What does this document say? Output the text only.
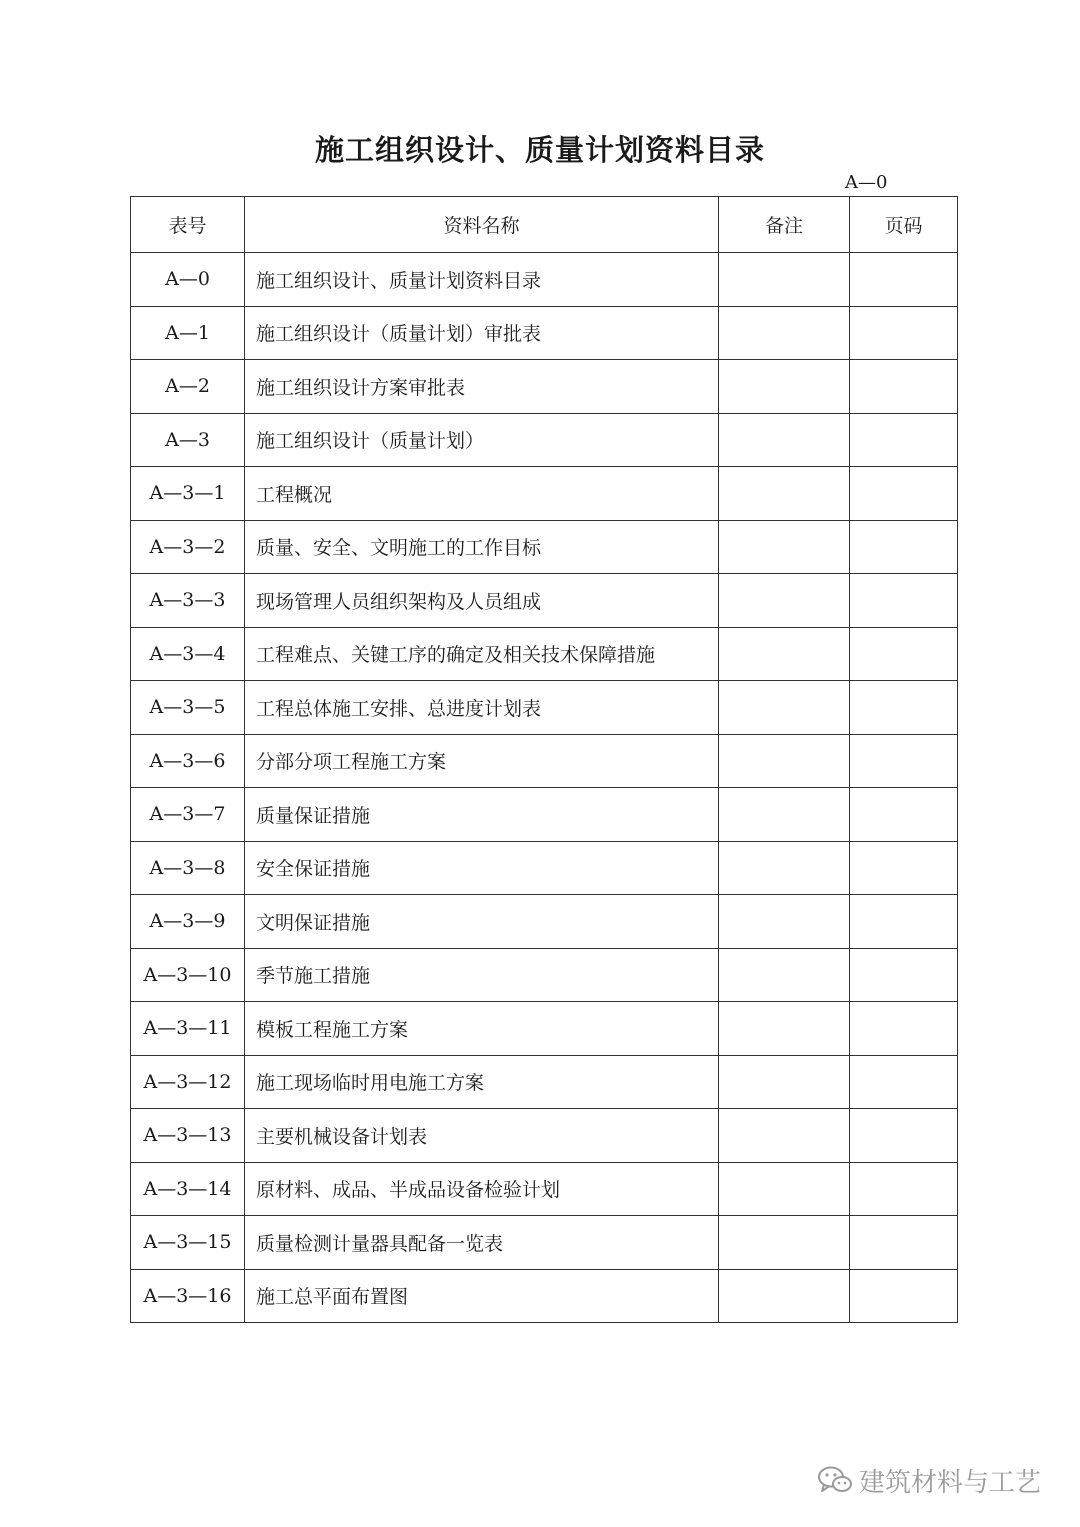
施工组织设计、质量计划资料目录
A—0
表号	资料名称	备注	页码
A—0	施工组织设计、质量计划资料目录		
A—1	施工组织设计（质量计划）审批表		
A—2	施工组织设计方案审批表		
A—3	施工组织设计（质量计划）		
A—3—1	工程概况		
A—3—2	质量、安全、文明施工的工作目标		
A—3—3	现场管理人员组织架构及人员组成		
A—3—4	工程难点、关键工序的确定及相关技术保障措施		
A—3—5	工程总体施工安排、总进度计划表		
A—3—6	分部分项工程施工方案		
A—3—7	质量保证措施		
A—3—8	安全保证措施		
A—3—9	文明保证措施		
A—3—10	季节施工措施		
A—3—11	模板工程施工方案		
A—3—12	施工现场临时用电施工方案		
A—3—13	主要机械设备计划表		
A—3—14	原材料、成品、半成品设备检验计划		
A—3—15	质量检测计量器具配备一览表		
A—3—16	施工总平面布置图		
建筑材料与工艺
